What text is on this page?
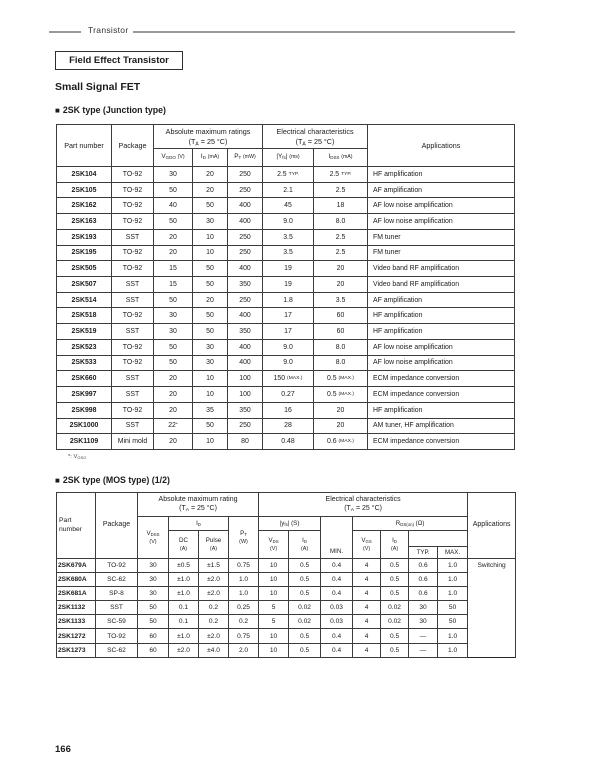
Transistor
Field Effect Transistor
Small Signal FET
■ 2SK type (Junction type)
Part number	Package	Absolute maximum ratings
($T_A = 25$ °C)			Electrical characteristics
($T_A = 25$ °C)		Applications
		$V_{GDO}$ (V)	$I_D$ (mA)	$P_T$ (mW)	$|Y_{fs}|$ (ms)	$I_{DSS}$ (mA)	
2SK104	TO-92	30	20	250	2.5 TYP.	2.5 TYP.	HF amplification
2SK105	TO-92	50	20	250	2.1	2.5	AF amplification
2SK162	TO-92	40	50	400	45	18	AF low noise amplification
2SK163	TO-92	50	30	400	9.0	8.0	AF low noise amplification
2SK193	SST	20	10	250	3.5	2.5	FM tuner
2SK195	TO-92	20	10	250	3.5	2.5	FM tuner
2SK505	TO-92	15	50	400	19	20	Video band RF amplification
2SK507	SST	15	50	350	19	20	Video band RF amplification
2SK514	SST	50	20	250	1.8	3.5	AF amplification
2SK518	TO-92	30	50	400	17	60	HF amplification
2SK519	SST	30	50	350	17	60	HF amplification
2SK523	TO-92	50	30	400	9.0	8.0	AF low noise amplification
2SK533	TO-92	50	30	400	9.0	8.0	AF low noise amplification
2SK660	SST	20	10	100	150 (MAX.)	0.5 (MAX.)	ECM impedance conversion
2SK997	SST	20	10	100	0.27	0.5 (MAX.)	ECM impedance conversion
2SK998	TO-92	20	35	350	16	20	HF amplification
2SK1000	SST	22*	50	250	28	20	AM tuner, HF amplification
2SK1109	Mini mold	20	10	80	0.48	0.6 (MAX.)	ECM impedance conversion
*: $V_{GSO}$
■ 2SK type (MOS type) (1/2)
Part number	Package	Absolute maximum rating
($T_A = 25$ °C)				Electrical characteristics
($T_A = 25$ °C)							Applications
		$V_{DSS}$
(V)	$I_D$		$P_T$
(W)	$|y_{fs}|$ (S)		MIN.	$R_{DS(on)}$ (Ω)				
			DC
(A)	Pulse
(A)		$V_{DS}$
(V)	$I_D$
(A)		$V_{GS}$
(V)	$I_D$
(A)			

											TYP.	MAX.	
2SK679A	TO-92	30	±0.5	±1.5	0.75	10	0.5	0.4	4	0.5	0.6	1.0	Switching
2SK680A	SC-62	30	±1.0	±2.0	1.0	10	0.5	0.4	4	0.5	0.6	1.0	
2SK681A	SP-8	30	±1.0	±2.0	1.0	10	0.5	0.4	4	0.5	0.6	1.0	
2SK1132	SST	50	0.1	0.2	0.25	5	0.02	0.03	4	0.02	30	50	
2SK1133	SC-59	50	0.1	0.2	0.2	5	0.02	0.03	4	0.02	30	50	
2SK1272	TO-92	60	±1.0	±2.0	0.75	10	0.5	0.4	4	0.5	—	1.0	
2SK1273	SC-62	60	±2.0	±4.0	2.0	10	0.5	0.4	4	0.5	—	1.0	
166
